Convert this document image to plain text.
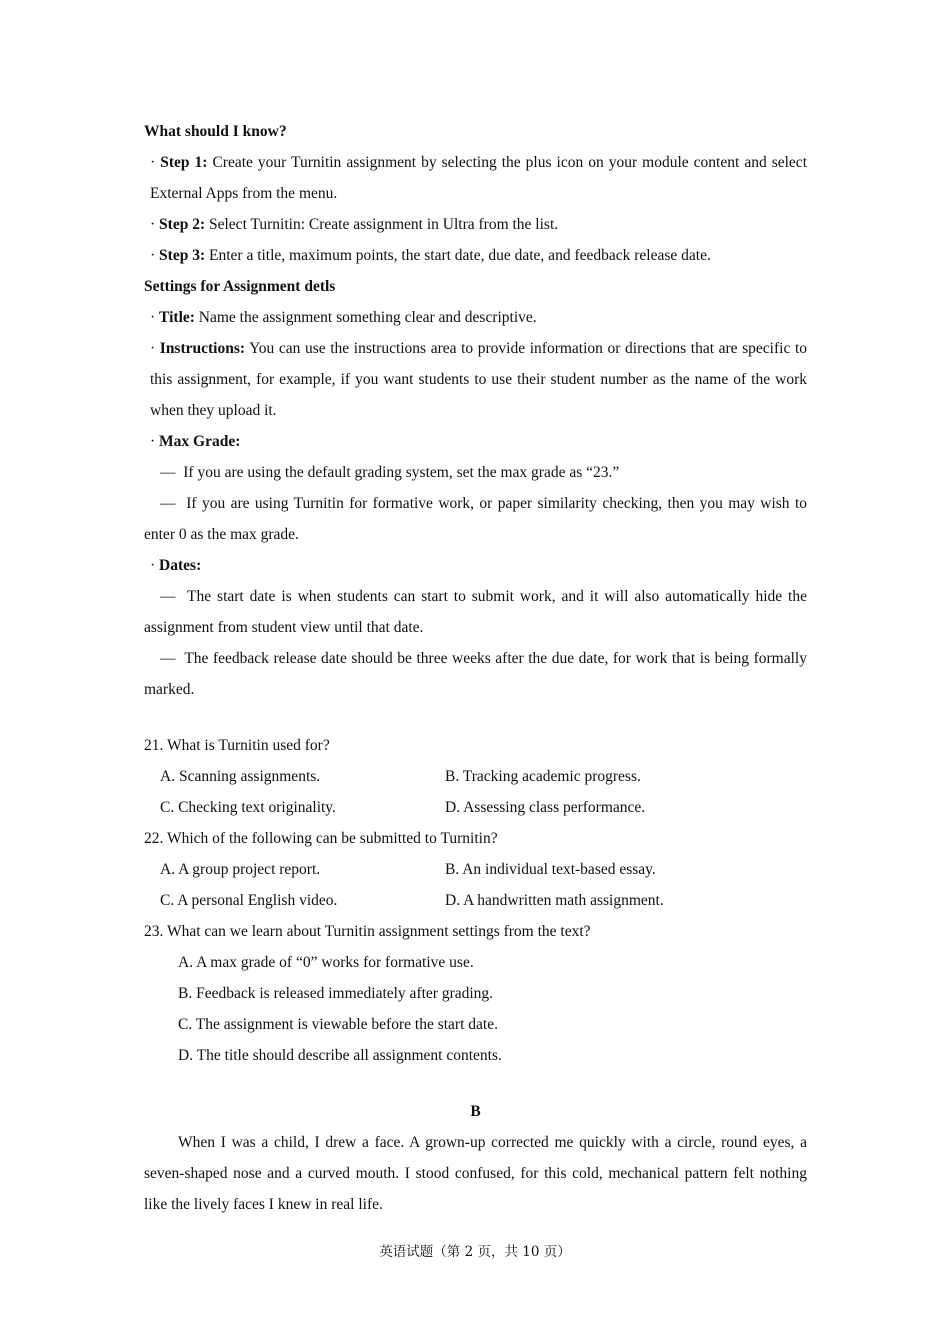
What should I know?
· Step 1: Create your Turnitin assignment by selecting the plus icon on your module content and select External Apps from the menu.
· Step 2: Select Turnitin: Create assignment in Ultra from the list.
· Step 3: Enter a title, maximum points, the start date, due date, and feedback release date.
Settings for Assignment detls
· Title: Name the assignment something clear and descriptive.
· Instructions: You can use the instructions area to provide information or directions that are specific to this assignment, for example, if you want students to use their student number as the name of the work when they upload it.
· Max Grade:
— If you are using the default grading system, set the max grade as “23.”
— If you are using Turnitin for formative work, or paper similarity checking, then you may wish to enter 0 as the max grade.
· Dates:
— The start date is when students can start to submit work, and it will also automatically hide the assignment from student view until that date.
— The feedback release date should be three weeks after the due date, for work that is being formally marked.
21. What is Turnitin used for?
A. Scanning assignments.	B. Tracking academic progress.
C. Checking text originality.	D. Assessing class performance.
22. Which of the following can be submitted to Turnitin?
A. A group project report.	B. An individual text-based essay.
C. A personal English video.	D. A handwritten math assignment.
23. What can we learn about Turnitin assignment settings from the text?
A. A max grade of “0” works for formative use.
B. Feedback is released immediately after grading.
C. The assignment is viewable before the start date.
D. The title should describe all assignment contents.
B
When I was a child, I drew a face. A grown-up corrected me quickly with a circle, round eyes, a seven-shaped nose and a curved mouth. I stood confused, for this cold, mechanical pattern felt nothing like the lively faces I knew in real life.
英语试题（第 2 页，共 10 页）
